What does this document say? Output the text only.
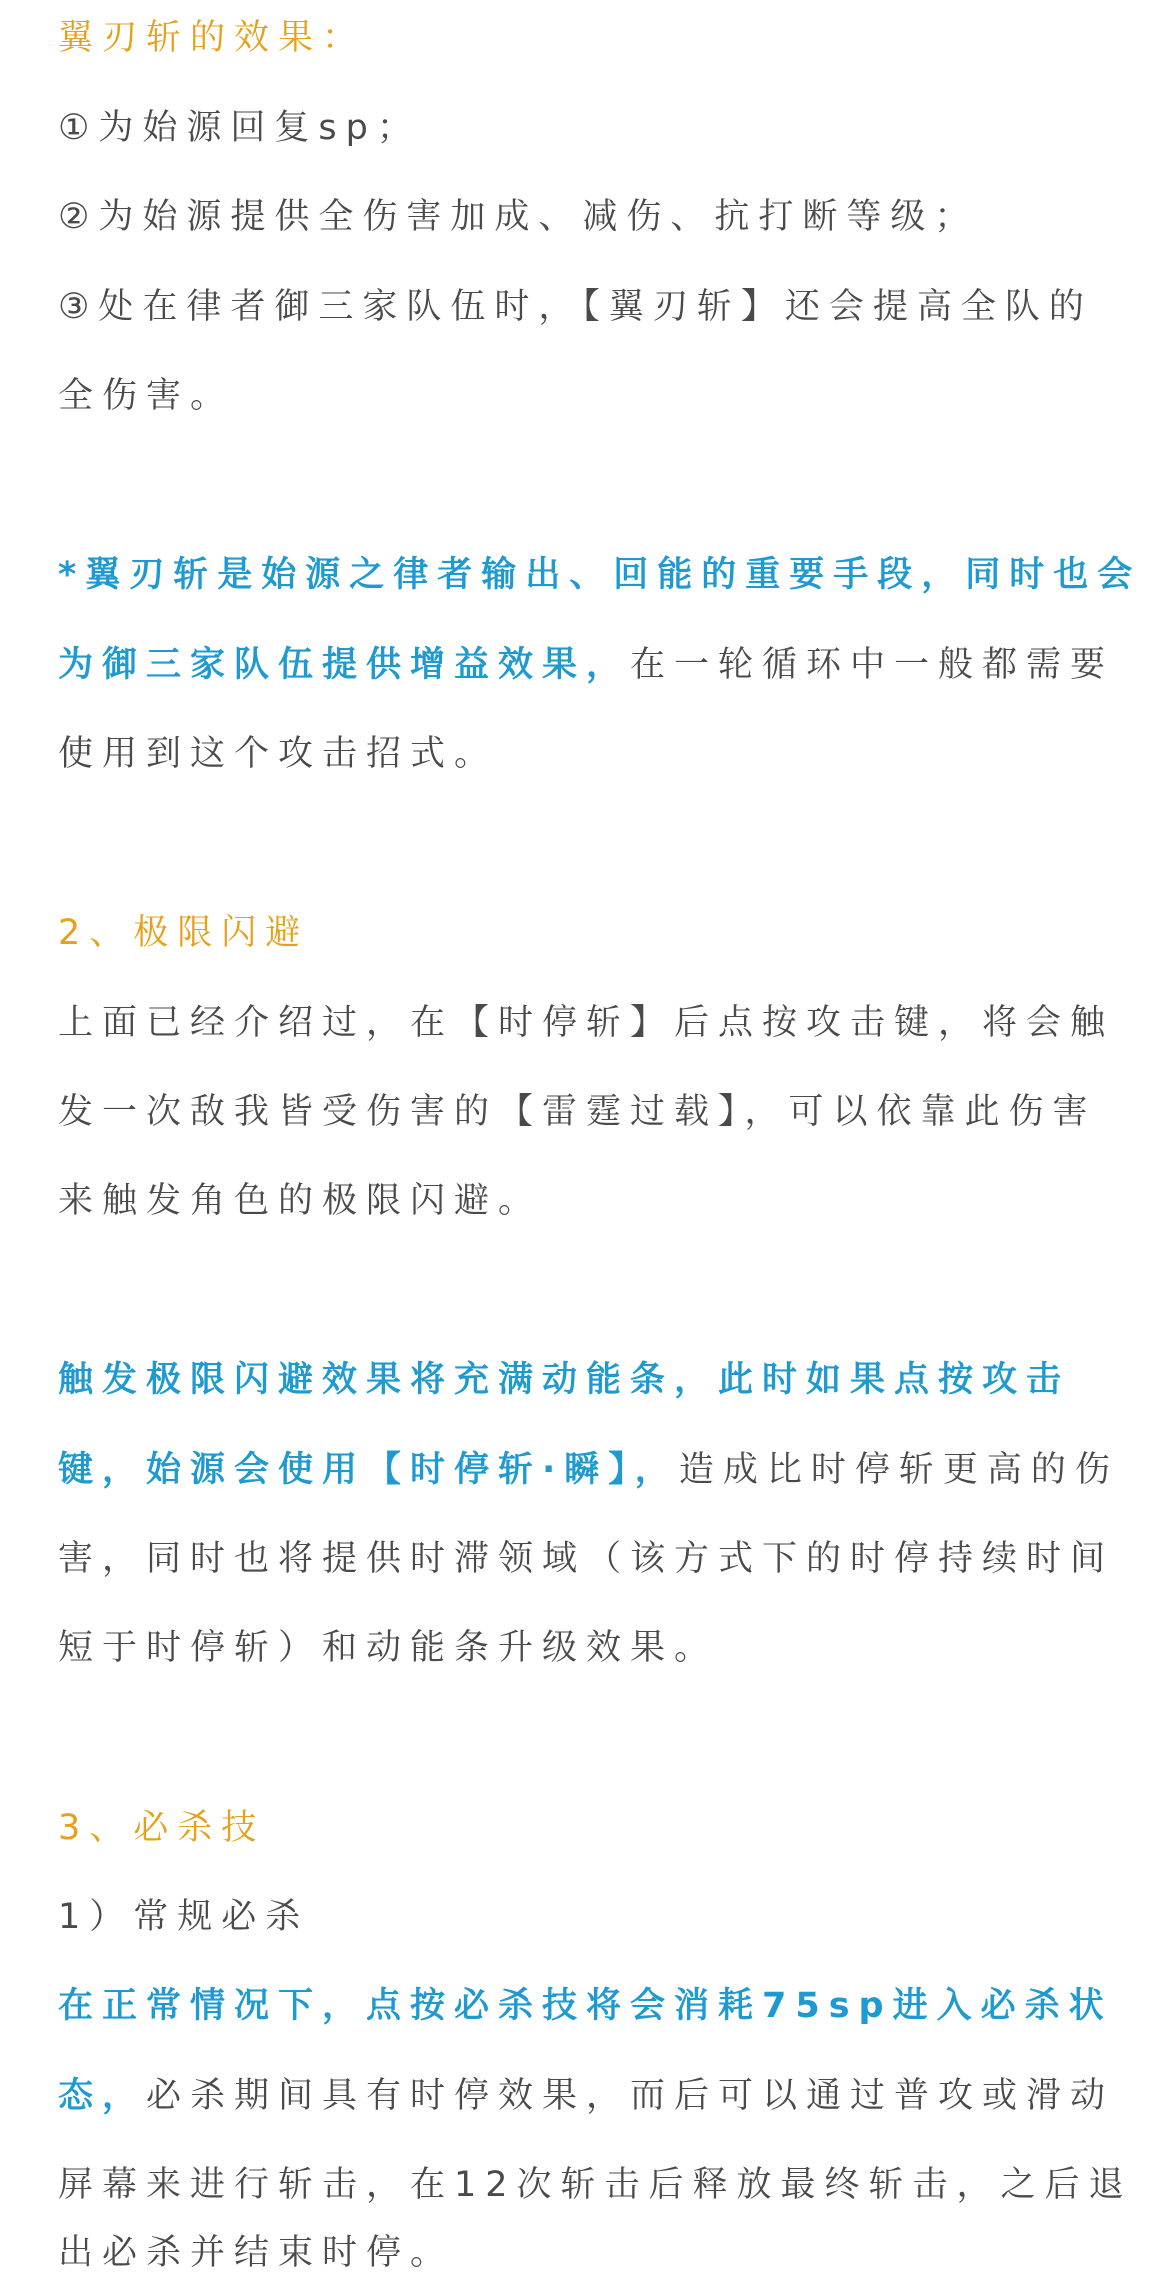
翼刃斩的效果：
①为始源回复sp；
②为始源提供全伤害加成、减伤、抗打断等级；
③处在律者御三家队伍时，【翼刃斩】还会提高全队的
全伤害。
*翼刃斩是始源之律者输出、回能的重要手段，同时也会
为御三家队伍提供增益效果，在一轮循环中一般都需要
使用到这个攻击招式。
2、极限闪避
上面已经介绍过，在【时停斩】后点按攻击键，将会触
发一次敌我皆受伤害的【雷霆过载】，可以依靠此伤害
来触发角色的极限闪避。
触发极限闪避效果将充满动能条，此时如果点按攻击
键，始源会使用【时停斩·瞬】，造成比时停斩更高的伤
害，同时也将提供时滞领域（该方式下的时停持续时间
短于时停斩）和动能条升级效果。
3、必杀技
1）常规必杀
在正常情况下，点按必杀技将会消耗75sp进入必杀状
态，必杀期间具有时停效果，而后可以通过普攻或滑动
屏幕来进行斩击，在12次斩击后释放最终斩击，之后退
出必杀并结束时停。
